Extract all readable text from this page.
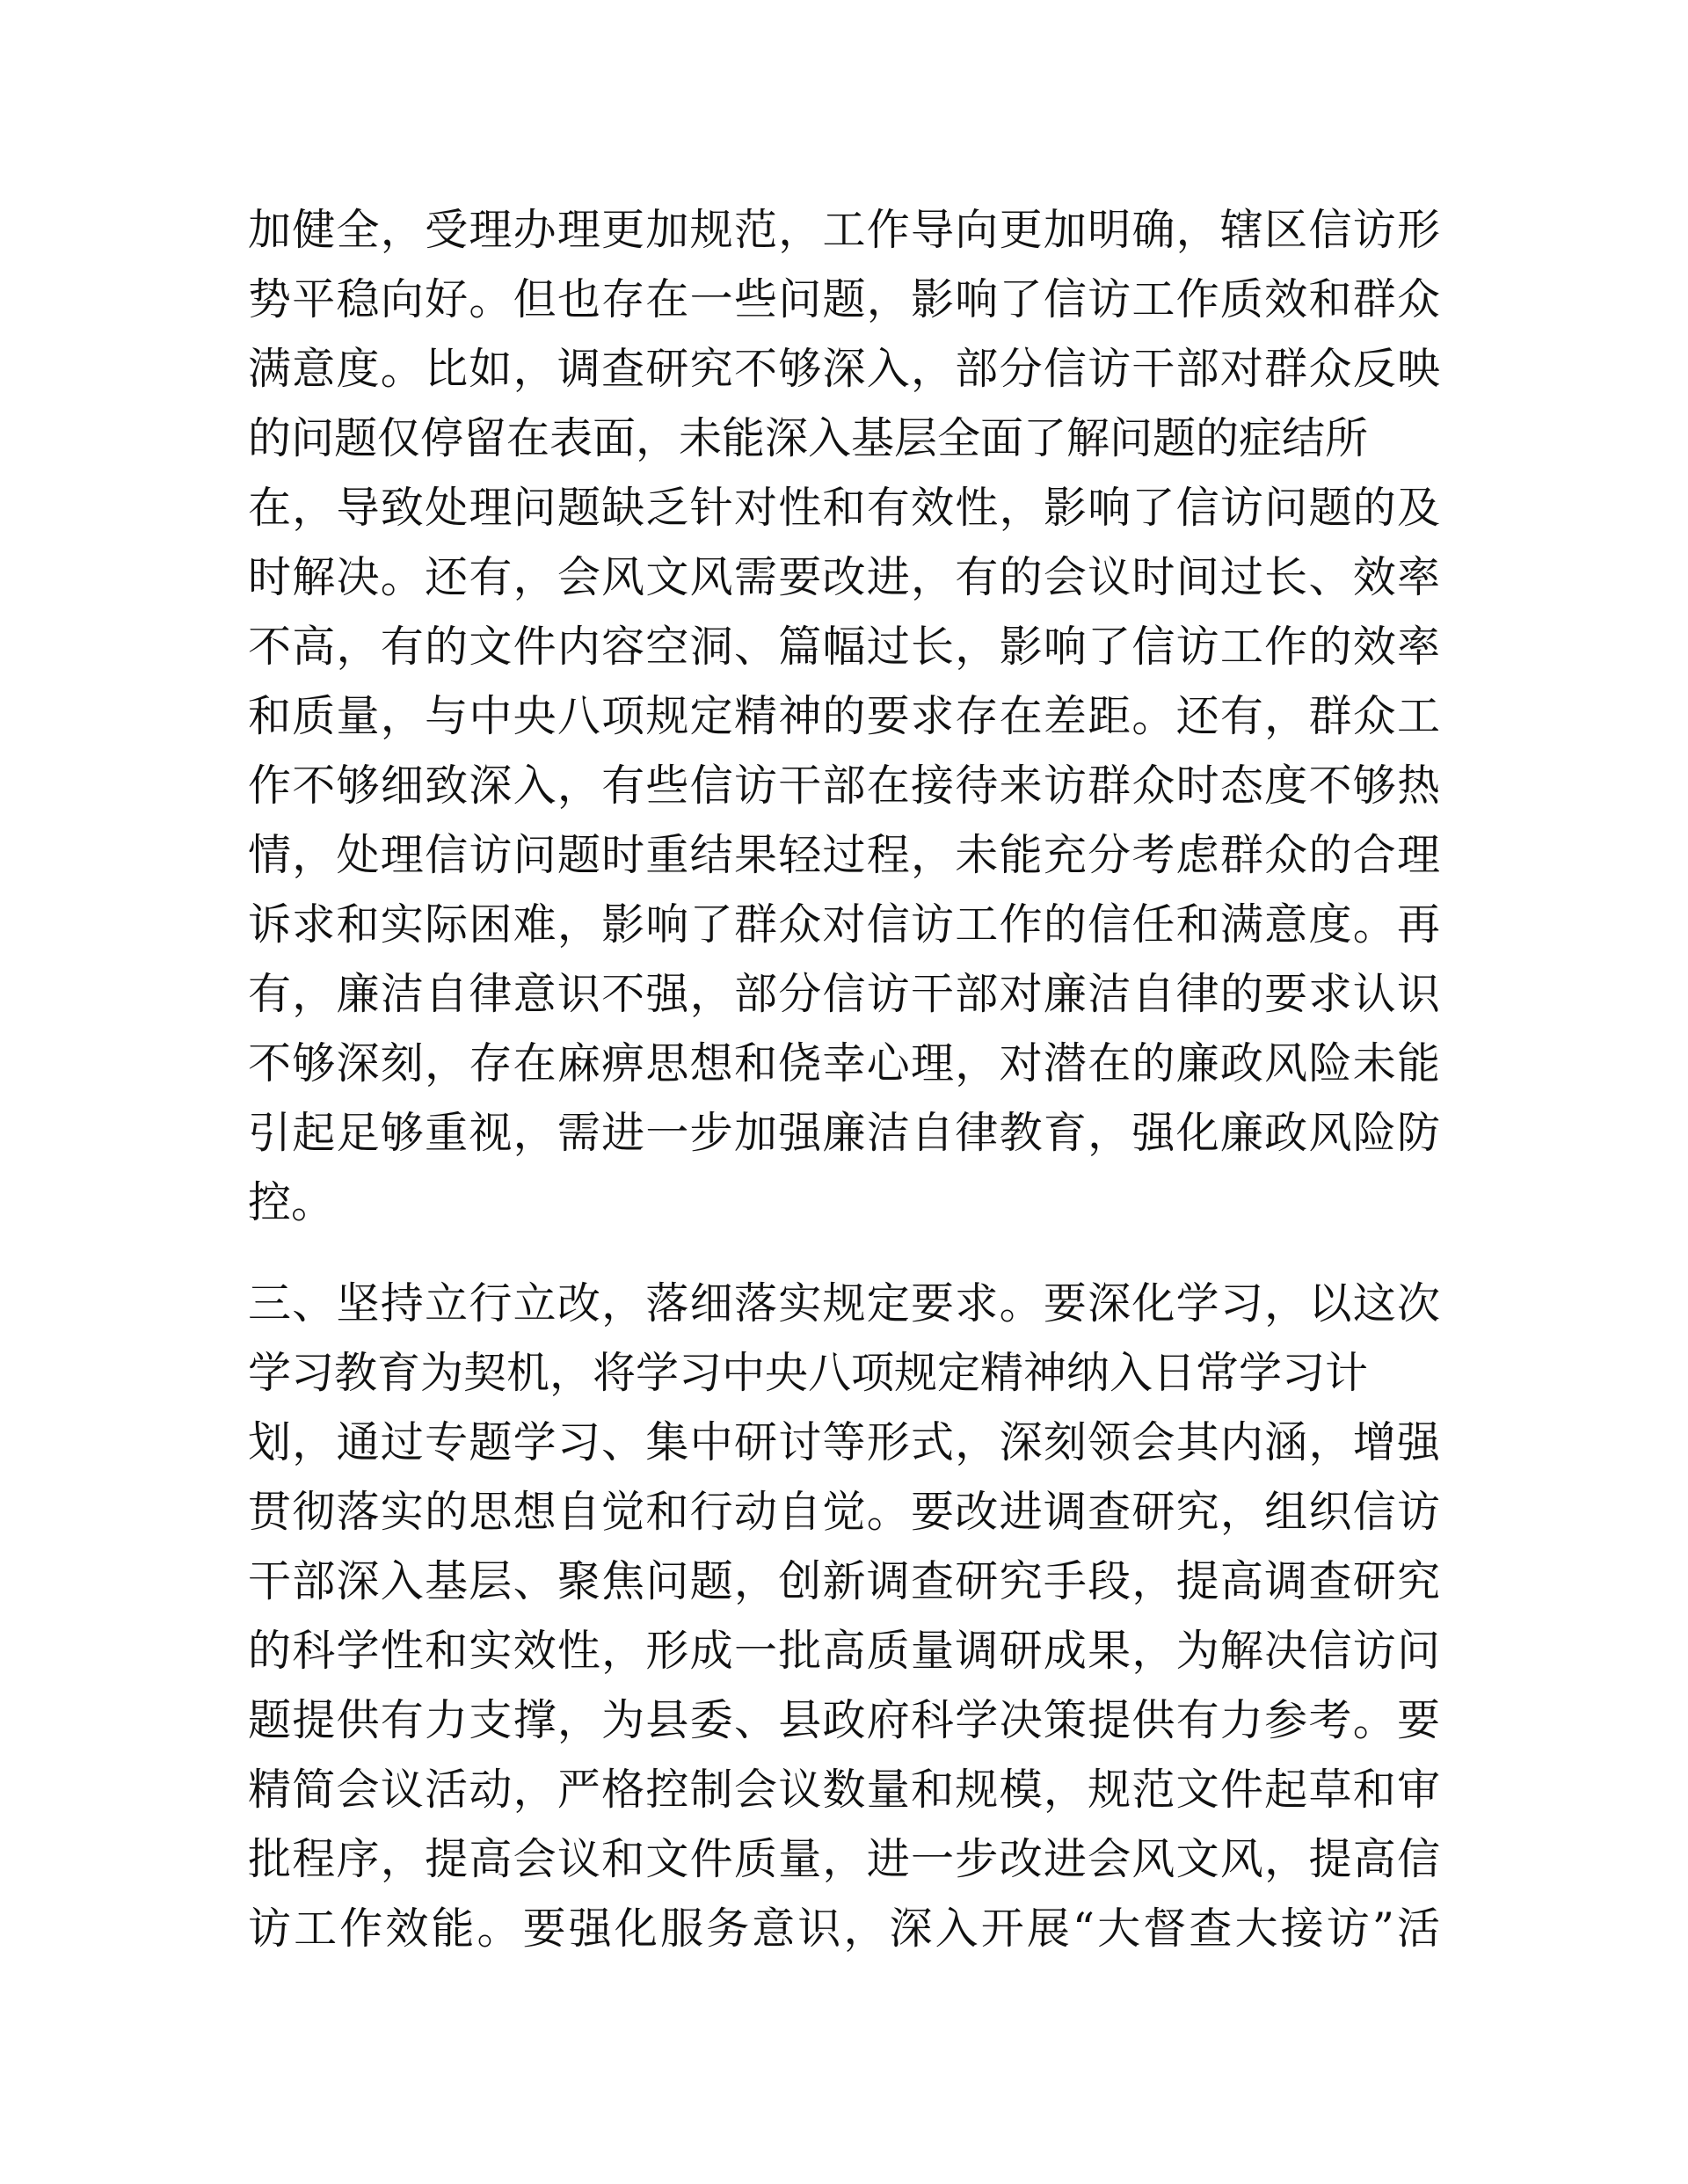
加健全，受理办理更加规范，工作导向更加明确，辖区信访形
势平稳向好。但也存在一些问题，影响了信访工作质效和群众
满意度。比如，调查研究不够深入，部分信访干部对群众反映
的问题仅停留在表面，未能深入基层全面了解问题的症结所
在，导致处理问题缺乏针对性和有效性，影响了信访问题的及
时解决。还有，会风文风需要改进，有的会议时间过长、效率
不高，有的文件内容空洞、篇幅过长，影响了信访工作的效率
和质量，与中央八项规定精神的要求存在差距。还有，群众工
作不够细致深入，有些信访干部在接待来访群众时态度不够热
情，处理信访问题时重结果轻过程，未能充分考虑群众的合理
诉求和实际困难，影响了群众对信访工作的信任和满意度。再
有，廉洁自律意识不强，部分信访干部对廉洁自律的要求认识
不够深刻，存在麻痹思想和侥幸心理，对潜在的廉政风险未能
引起足够重视，需进一步加强廉洁自律教育，强化廉政风险防
控。
三、坚持立行立改，落细落实规定要求。要深化学习，以这次
学习教育为契机，将学习中央八项规定精神纳入日常学习计
划，通过专题学习、集中研讨等形式，深刻领会其内涵，增强
贯彻落实的思想自觉和行动自觉。要改进调查研究，组织信访
干部深入基层、聚焦问题，创新调查研究手段，提高调查研究
的科学性和实效性，形成一批高质量调研成果，为解决信访问
题提供有力支撑，为县委、县政府科学决策提供有力参考。要
精简会议活动，严格控制会议数量和规模，规范文件起草和审
批程序，提高会议和文件质量，进一步改进会风文风，提高信
访工作效能。要强化服务意识，深入开展“大督查大接访”活
